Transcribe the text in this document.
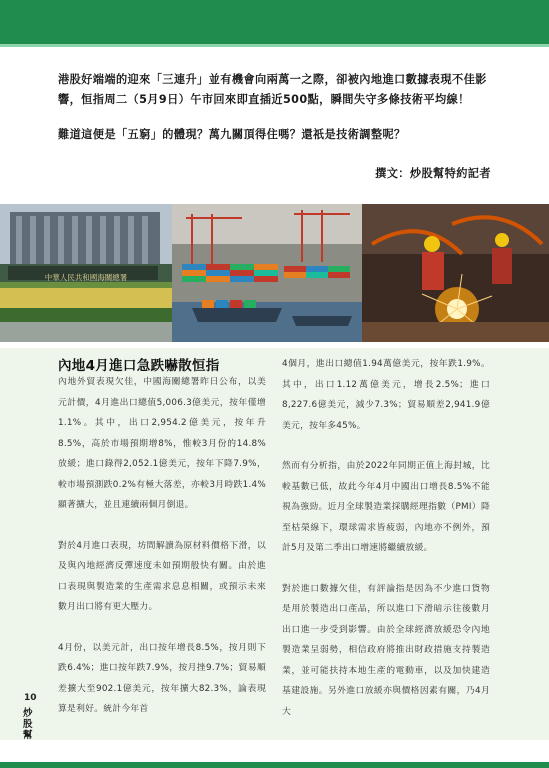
港股好端端的迎來「三連升」並有機會向兩萬一之際，卻被內地進口數據表現不佳影響，恒指周二（5月9日）午市回來即直插近500點，瞬間失守多條技術平均線！

難道這便是「五窮」的體現？萬九關頂得住嗎？還祇是技術調整呢？

撰文：炒股幫特約記者
中華人民共和國海關總署
內地4月進口急跌嚇散恒指

內地外貿表現欠佳，中國海關總署昨日公布，以美元計價，4月進出口總值5,006.3億美元，按年僅增1.1%。其中，出口2,954.2億美元，按年升8.5%，高於市場預期增8%，惟較3月份的14.8%放緩；進口錄得2,052.1億美元，按年下降7.9%，較市場預測跌0.2%有極大落差，亦較3月時跌1.4%顯著擴大，並且連續兩個月倒退。

對於4月進口表現，坊間解讀為原材料價格下滑，以及與內地經濟反彈速度未如預期般快有關。由於進口表現與製造業的生產需求息息相關，或預示未來數月出口將有更大壓力。

4月份，以美元計，出口按年增長8.5%，按月則下跌6.4%；進口按年跌7.9%，按月挫9.7%；貿易順差擴大至902.1億美元，按年擴大82.3%，論表現算是利好。統計今年首

4個月，進出口總值1.94萬億美元，按年跌1.9%。其中，出口1.12萬億美元，增長2.5%；進口8,227.6億美元，減少7.3%；貿易順差2,941.9億美元，按年多45%。

然而有分析指，由於2022年同期正值上海封城，比較基數已低，故此今年4月中國出口增長8.5%不能視為強勁。近月全球製造業採購經理指數（PMI）降至枯榮線下，環球需求皆疲弱，內地亦不例外，預計5月及第二季出口增速將繼續放緩。

對於進口數據欠佳，有評論指是因為不少進口貨物是用於製造出口產品，所以進口下滑暗示往後數月出口進一步受到影響。由於全球經濟放緩恐令內地製造業呈弱勢，相信政府將推出財政措施支持製造業，並可能扶持本地生產的電動車，以及加快建造基建設施。另外進口放緩亦與價格因素有關，乃4月大

10
炒股幫
